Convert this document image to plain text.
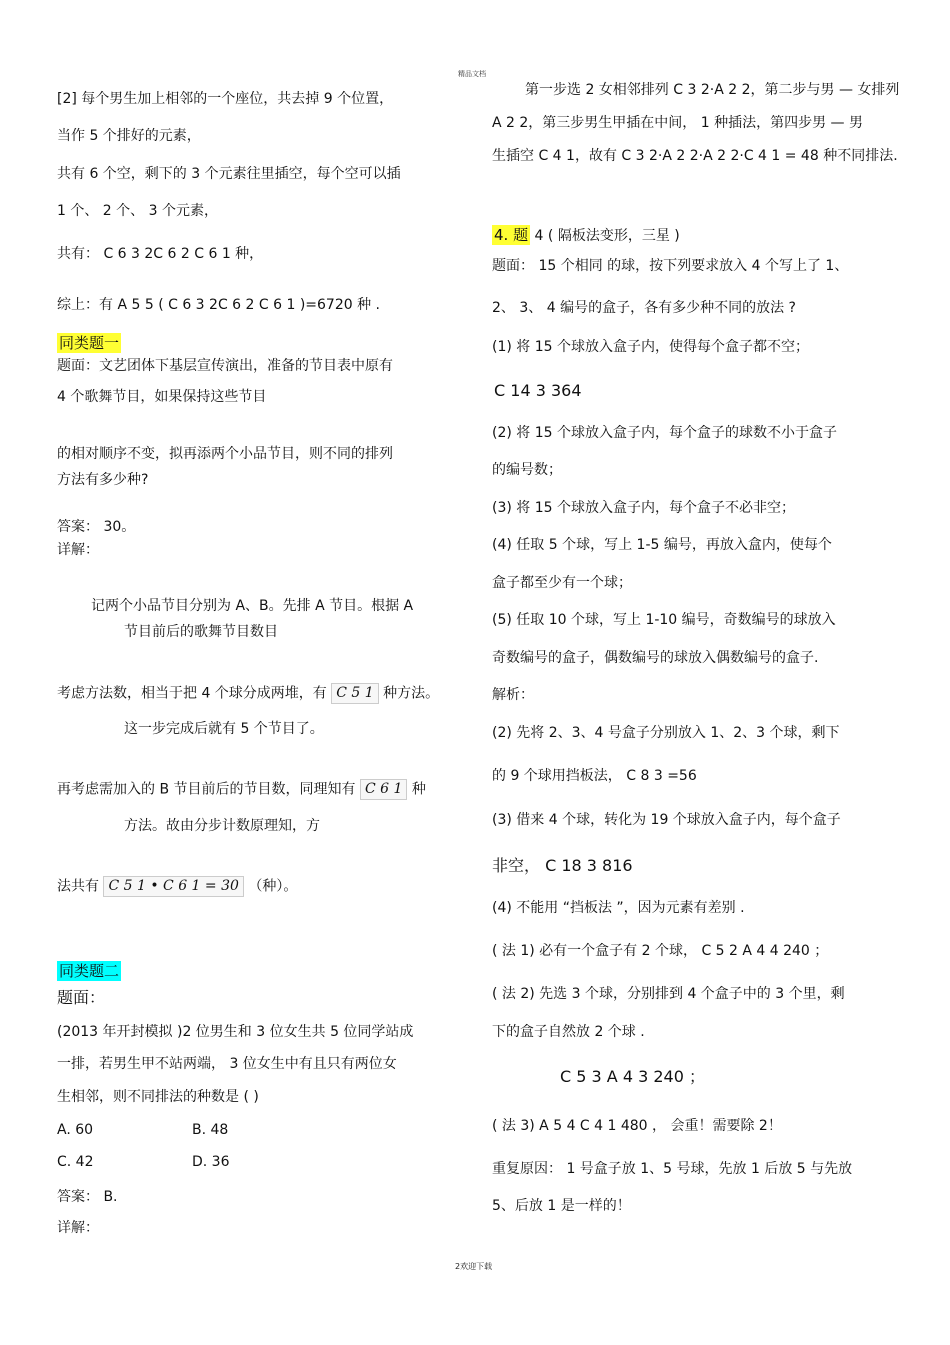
精品文档
[2] 每个男生加上相邻的一个座位，共去掉 9 个位置，
当作 5 个排好的元素，
共有 6 个空，剩下的 3 个元素往里插空，每个空可以插
1 个、 2 个、 3 个元素，
共有： C 6 3 2C 6 2 C 6 1 种，
综上：有 A 5 5 ( C 6 3 2C 6 2 C 6 1 )=6720 种 .
同类题一
题面：文艺团体下基层宣传演出，准备的节目表中原有
4 个歌舞节目，如果保持这些节目
的相对顺序不变，拟再添两个小品节目，则不同的排列
方法有多少种?
答案： 30。
详解：
记两个小品节目分别为 A、B。先排 A 节目。根据 A
节目前后的歌舞节目数目
考虑方法数，相当于把 4 个球分成两堆，有 C 5 1 种方法。
这一步完成后就有 5 个节目了。
再考虑需加入的 B 节目前后的节目数，同理知有 C 6 1 种
方法。故由分步计数原理知，方
法共有 C 5 1 • C 6 1 = 30 （种）。
同类题二
题面：
(2013 年开封模拟 )2 位男生和 3 位女生共 5 位同学站成
一排，若男生甲不站两端， 3 位女生中有且只有两位女
生相邻，则不同排法的种数是 ( )
A. 60	B. 48
C. 42	D. 36
答案： B.
详解：
第一步选 2 女相邻排列 C 3 2·A 2 2，第二步与男 — 女排列
A 2 2，第三步男生甲插在中间， 1 种插法，第四步男 — 男
生插空 C 4 1，故有 C 3 2·A 2 2·A 2 2·C 4 1 = 48 种不同排法.
4. 题 4 ( 隔板法变形，三星 )
题面： 15 个相同 的球，按下列要求放入 4 个写上了 1、
2、 3、 4 编号的盒子，各有多少种不同的放法 ?
(1) 将 15 个球放入盒子内，使得每个盒子都不空；
C 14 3 364
(2) 将 15 个球放入盒子内，每个盒子的球数不小于盒子
的编号数；
(3) 将 15 个球放入盒子内，每个盒子不必非空；
(4) 任取 5 个球，写上 1-5 编号，再放入盒内，使每个
盒子都至少有一个球；
(5) 任取 10 个球，写上 1-10 编号，奇数编号的球放入
奇数编号的盒子，偶数编号的球放入偶数编号的盒子.
解析：
(2) 先将 2、3、4 号盒子分别放入 1、2、3 个球，剩下
的 9 个球用挡板法， C 8 3 =56
(3) 借来 4 个球，转化为 19 个球放入盒子内，每个盒子
非空， C 18 3 816
(4) 不能用 “挡板法 ”，因为元素有差别 .
( 法 1) 必有一个盒子有 2 个球， C 5 2 A 4 4 240 ；
( 法 2) 先选 3 个球，分别排到 4 个盒子中的 3 个里，剩
下的盒子自然放 2 个球 .
C 5 3 A 4 3 240 ；
( 法 3) A 5 4 C 4 1 480 ， 会重！需要除 2！
重复原因： 1 号盒子放 1、5 号球，先放 1 后放 5 与先放
5、后放 1 是一样的！
2欢迎下载
